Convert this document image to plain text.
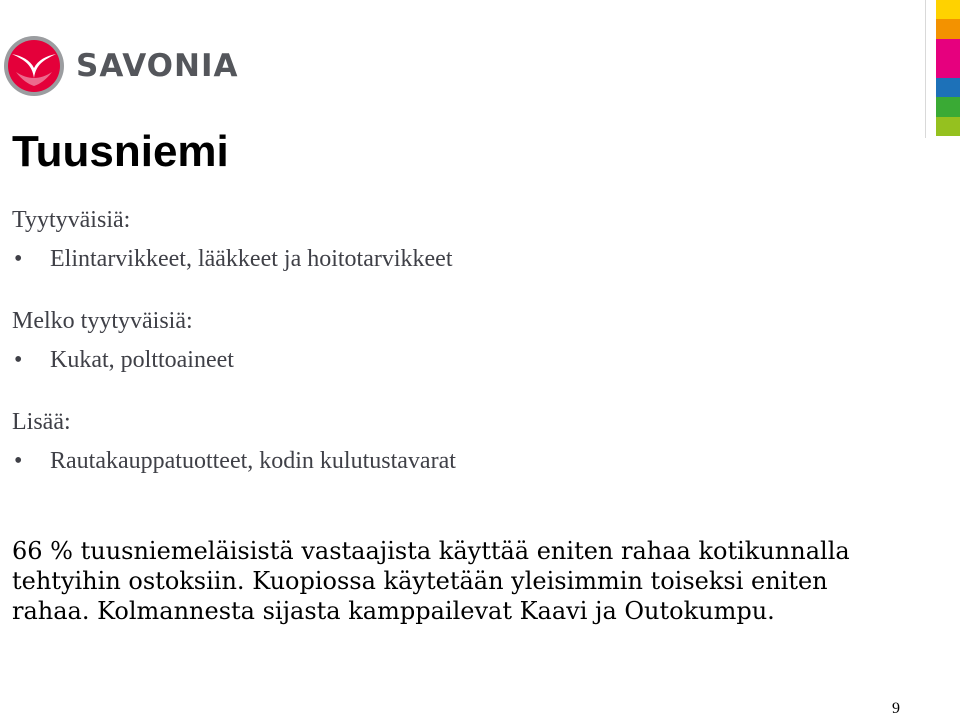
SAVONIA
Tuusniemi
Tyytyväisiä:
• Elintarvikkeet, lääkkeet ja hoitotarvikkeet
Melko tyytyväisiä:
• Kukat, polttoaineet
Lisää:
• Rautakauppatuotteet, kodin kulutustavarat
66 % tuusniemeläisistä vastaajista käyttää eniten rahaa kotikunnalla tehtyihin ostoksiin. Kuopiossa käytetään yleisimmin toiseksi eniten rahaa. Kolmannesta sijasta kamppailevat Kaavi ja Outokumpu.
9
